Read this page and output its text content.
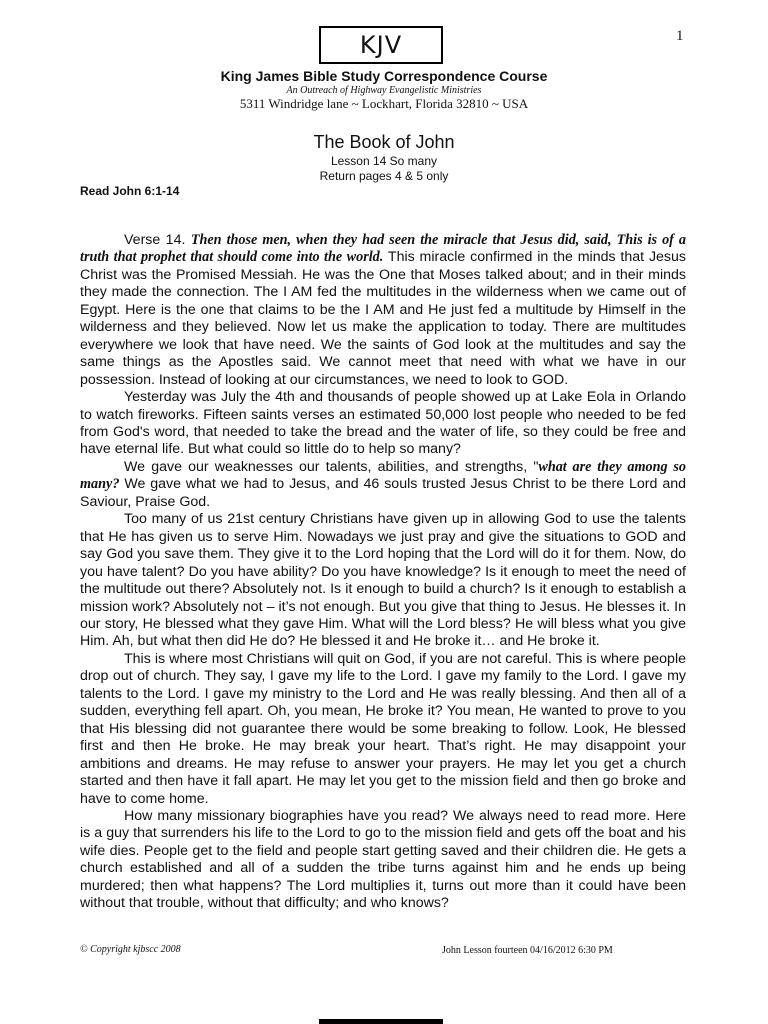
KJV	1
King James Bible Study Correspondence Course
An Outreach of Highway Evangelistic Ministries
5311 Windridge lane ~ Lockhart, Florida 32810 ~ USA
The Book of John
Lesson 14 So many
Return pages 4 & 5 only
Read John 6:1-14

Verse 14. Then those men, when they had seen the miracle that Jesus did, said, This is of a truth that prophet that should come into the world. This miracle confirmed in the minds that Jesus Christ was the Promised Messiah. He was the One that Moses talked about; and in their minds they made the connection. The I AM fed the multitudes in the wilderness when we came out of Egypt. Here is the one that claims to be the I AM and He just fed a multitude by Himself in the wilderness and they believed. Now let us make the application to today. There are multitudes everywhere we look that have need. We the saints of God look at the multitudes and say the same things as the Apostles said. We cannot meet that need with what we have in our possession. Instead of looking at our circumstances, we need to look to GOD.

Yesterday was July the 4th and thousands of people showed up at Lake Eola in Orlando to watch fireworks. Fifteen saints verses an estimated 50,000 lost people who needed to be fed from God's word, that needed to take the bread and the water of life, so they could be free and have eternal life. But what could so little do to help so many?

We gave our weaknesses our talents, abilities, and strengths, "what are they among so many? We gave what we had to Jesus, and 46 souls trusted Jesus Christ to be there Lord and Saviour, Praise God.

Too many of us 21st century Christians have given up in allowing God to use the talents that He has given us to serve Him. Nowadays we just pray and give the situations to GOD and say God you save them. They give it to the Lord hoping that the Lord will do it for them. Now, do you have talent? Do you have ability? Do you have knowledge? Is it enough to meet the need of the multitude out there? Absolutely not. Is it enough to build a church? Is it enough to establish a mission work? Absolutely not – it’s not enough. But you give that thing to Jesus. He blesses it. In our story, He blessed what they gave Him. What will the Lord bless? He will bless what you give Him. Ah, but what then did He do? He blessed it and He broke it… and He broke it.

This is where most Christians will quit on God, if you are not careful. This is where people drop out of church. They say, I gave my life to the Lord. I gave my family to the Lord. I gave my talents to the Lord. I gave my ministry to the Lord and He was really blessing. And then all of a sudden, everything fell apart. Oh, you mean, He broke it? You mean, He wanted to prove to you that His blessing did not guarantee there would be some breaking to follow. Look, He blessed first and then He broke. He may break your heart. That’s right. He may disappoint your ambitions and dreams. He may refuse to answer your prayers. He may let you get a church started and then have it fall apart. He may let you get to the mission field and then go broke and have to come home.

How many missionary biographies have you read? We always need to read more. Here is a guy that surrenders his life to the Lord to go to the mission field and gets off the boat and his wife dies. People get to the field and people start getting saved and their children die. He gets a church established and all of a sudden the tribe turns against him and he ends up being murdered; then what happens? The Lord multiplies it, turns out more than it could have been without that trouble, without that difficulty; and who knows?

© Copyright kjbscc 2008	John Lesson fourteen 04/16/2012 6:30 PM
